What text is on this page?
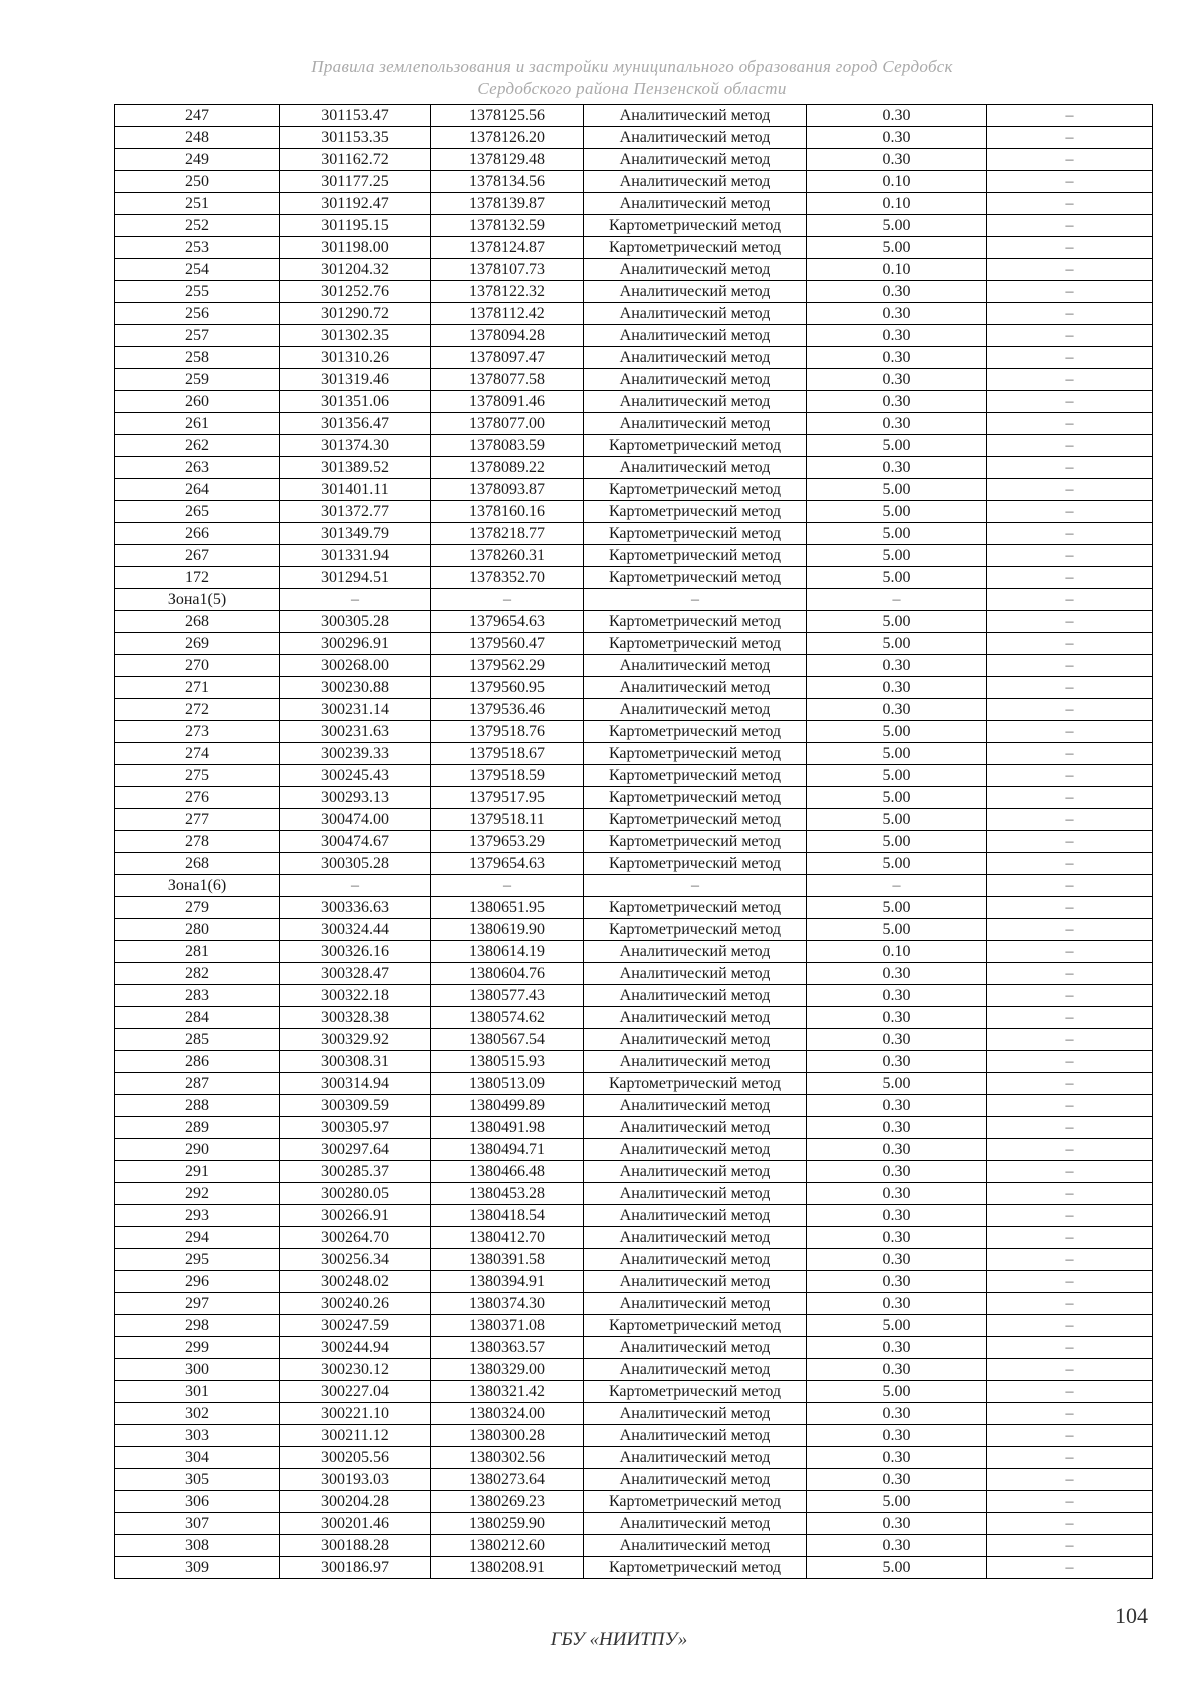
Правила землепользования и застройки муниципального образования город Сердобск
Сердобского района Пензенской области
247	301153.47	1378125.56	Аналитический метод	0.30	–
248	301153.35	1378126.20	Аналитический метод	0.30	–
249	301162.72	1378129.48	Аналитический метод	0.30	–
250	301177.25	1378134.56	Аналитический метод	0.10	–
251	301192.47	1378139.87	Аналитический метод	0.10	–
252	301195.15	1378132.59	Картометрический метод	5.00	–
253	301198.00	1378124.87	Картометрический метод	5.00	–
254	301204.32	1378107.73	Аналитический метод	0.10	–
255	301252.76	1378122.32	Аналитический метод	0.30	–
256	301290.72	1378112.42	Аналитический метод	0.30	–
257	301302.35	1378094.28	Аналитический метод	0.30	–
258	301310.26	1378097.47	Аналитический метод	0.30	–
259	301319.46	1378077.58	Аналитический метод	0.30	–
260	301351.06	1378091.46	Аналитический метод	0.30	–
261	301356.47	1378077.00	Аналитический метод	0.30	–
262	301374.30	1378083.59	Картометрический метод	5.00	–
263	301389.52	1378089.22	Аналитический метод	0.30	–
264	301401.11	1378093.87	Картометрический метод	5.00	–
265	301372.77	1378160.16	Картометрический метод	5.00	–
266	301349.79	1378218.77	Картометрический метод	5.00	–
267	301331.94	1378260.31	Картометрический метод	5.00	–
172	301294.51	1378352.70	Картометрический метод	5.00	–
Зона1(5)	–	–	–	–	–
268	300305.28	1379654.63	Картометрический метод	5.00	–
269	300296.91	1379560.47	Картометрический метод	5.00	–
270	300268.00	1379562.29	Аналитический метод	0.30	–
271	300230.88	1379560.95	Аналитический метод	0.30	–
272	300231.14	1379536.46	Аналитический метод	0.30	–
273	300231.63	1379518.76	Картометрический метод	5.00	–
274	300239.33	1379518.67	Картометрический метод	5.00	–
275	300245.43	1379518.59	Картометрический метод	5.00	–
276	300293.13	1379517.95	Картометрический метод	5.00	–
277	300474.00	1379518.11	Картометрический метод	5.00	–
278	300474.67	1379653.29	Картометрический метод	5.00	–
268	300305.28	1379654.63	Картометрический метод	5.00	–
Зона1(6)	–	–	–	–	–
279	300336.63	1380651.95	Картометрический метод	5.00	–
280	300324.44	1380619.90	Картометрический метод	5.00	–
281	300326.16	1380614.19	Аналитический метод	0.10	–
282	300328.47	1380604.76	Аналитический метод	0.30	–
283	300322.18	1380577.43	Аналитический метод	0.30	–
284	300328.38	1380574.62	Аналитический метод	0.30	–
285	300329.92	1380567.54	Аналитический метод	0.30	–
286	300308.31	1380515.93	Аналитический метод	0.30	–
287	300314.94	1380513.09	Картометрический метод	5.00	–
288	300309.59	1380499.89	Аналитический метод	0.30	–
289	300305.97	1380491.98	Аналитический метод	0.30	–
290	300297.64	1380494.71	Аналитический метод	0.30	–
291	300285.37	1380466.48	Аналитический метод	0.30	–
292	300280.05	1380453.28	Аналитический метод	0.30	–
293	300266.91	1380418.54	Аналитический метод	0.30	–
294	300264.70	1380412.70	Аналитический метод	0.30	–
295	300256.34	1380391.58	Аналитический метод	0.30	–
296	300248.02	1380394.91	Аналитический метод	0.30	–
297	300240.26	1380374.30	Аналитический метод	0.30	–
298	300247.59	1380371.08	Картометрический метод	5.00	–
299	300244.94	1380363.57	Аналитический метод	0.30	–
300	300230.12	1380329.00	Аналитический метод	0.30	–
301	300227.04	1380321.42	Картометрический метод	5.00	–
302	300221.10	1380324.00	Аналитический метод	0.30	–
303	300211.12	1380300.28	Аналитический метод	0.30	–
304	300205.56	1380302.56	Аналитический метод	0.30	–
305	300193.03	1380273.64	Аналитический метод	0.30	–
306	300204.28	1380269.23	Картометрический метод	5.00	–
307	300201.46	1380259.90	Аналитический метод	0.30	–
308	300188.28	1380212.60	Аналитический метод	0.30	–
309	300186.97	1380208.91	Картометрический метод	5.00	–
104
ГБУ «НИИТПУ»
